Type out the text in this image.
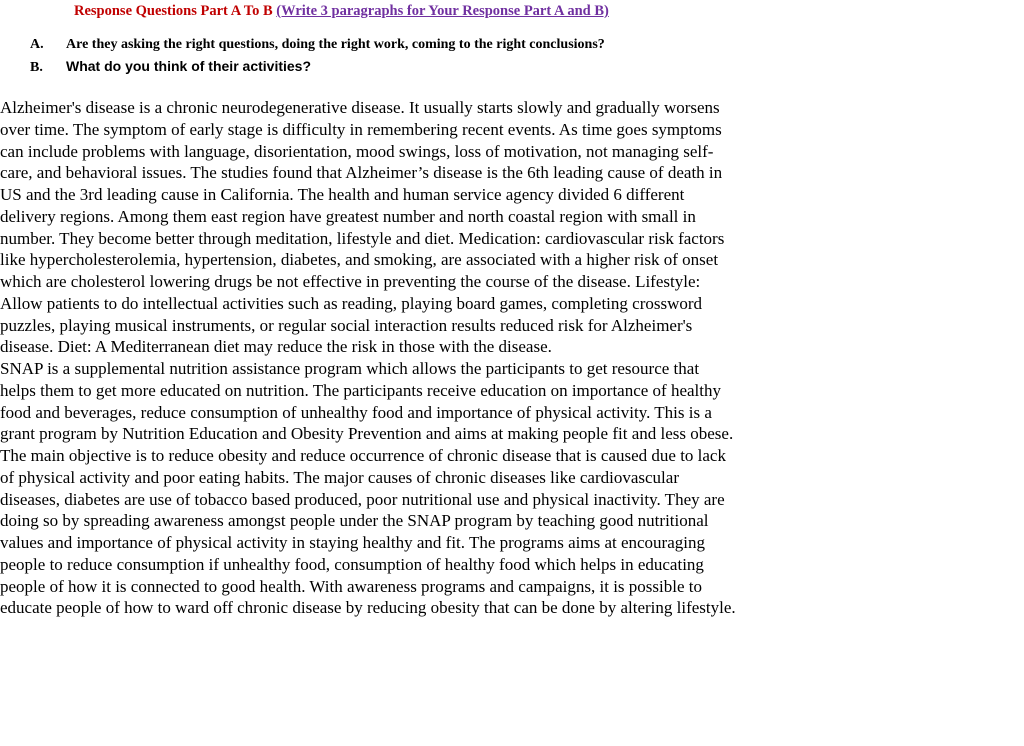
Response Questions Part A To B (Write 3 paragraphs for Your Response Part A and B)
A.	Are they asking the right questions, doing the right work, coming to the right conclusions?
B.	What do you think of their activities?

Alzheimer's disease is a chronic neurodegenerative disease. It usually starts slowly and gradually worsens over time. The symptom of early stage is difficulty in remembering recent events. As time goes symptoms can include problems with language, disorientation, mood swings, loss of motivation, not managing self-care, and behavioral issues. The studies found that Alzheimer’s disease is the 6th leading cause of death in US and the 3rd leading cause in California. The health and human service agency divided 6 different delivery regions. Among them east region have greatest number and north coastal region with small in number. They become better through meditation, lifestyle and diet. Medication: cardiovascular risk factors like hypercholesterolemia, hypertension, diabetes, and smoking, are associated with a higher risk of onset which are cholesterol lowering drugs be not effective in preventing the course of the disease. Lifestyle: Allow patients to do intellectual activities such as reading, playing board games, completing crossword puzzles, playing musical instruments, or regular social interaction results reduced risk for Alzheimer's disease. Diet: A Mediterranean diet may reduce the risk in those with the disease.

SNAP is a supplemental nutrition assistance program which allows the participants to get resource that helps them to get more educated on nutrition. The participants receive education on importance of healthy food and beverages, reduce consumption of unhealthy food and importance of physical activity. This is a grant program by Nutrition Education and Obesity Prevention and aims at making people fit and less obese. The main objective is to reduce obesity and reduce occurrence of chronic disease that is caused due to lack of physical activity and poor eating habits. The major causes of chronic diseases like cardiovascular diseases, diabetes are use of tobacco based produced, poor nutritional use and physical inactivity. They are doing so by spreading awareness amongst people under the SNAP program by teaching good nutritional values and importance of physical activity in staying healthy and fit. The programs aims at encouraging people to reduce consumption if unhealthy food, consumption of healthy food which helps in educating people of how it is connected to good health. With awareness programs and campaigns, it is possible to educate people of how to ward off chronic disease by reducing obesity that can be done by altering lifestyle.
